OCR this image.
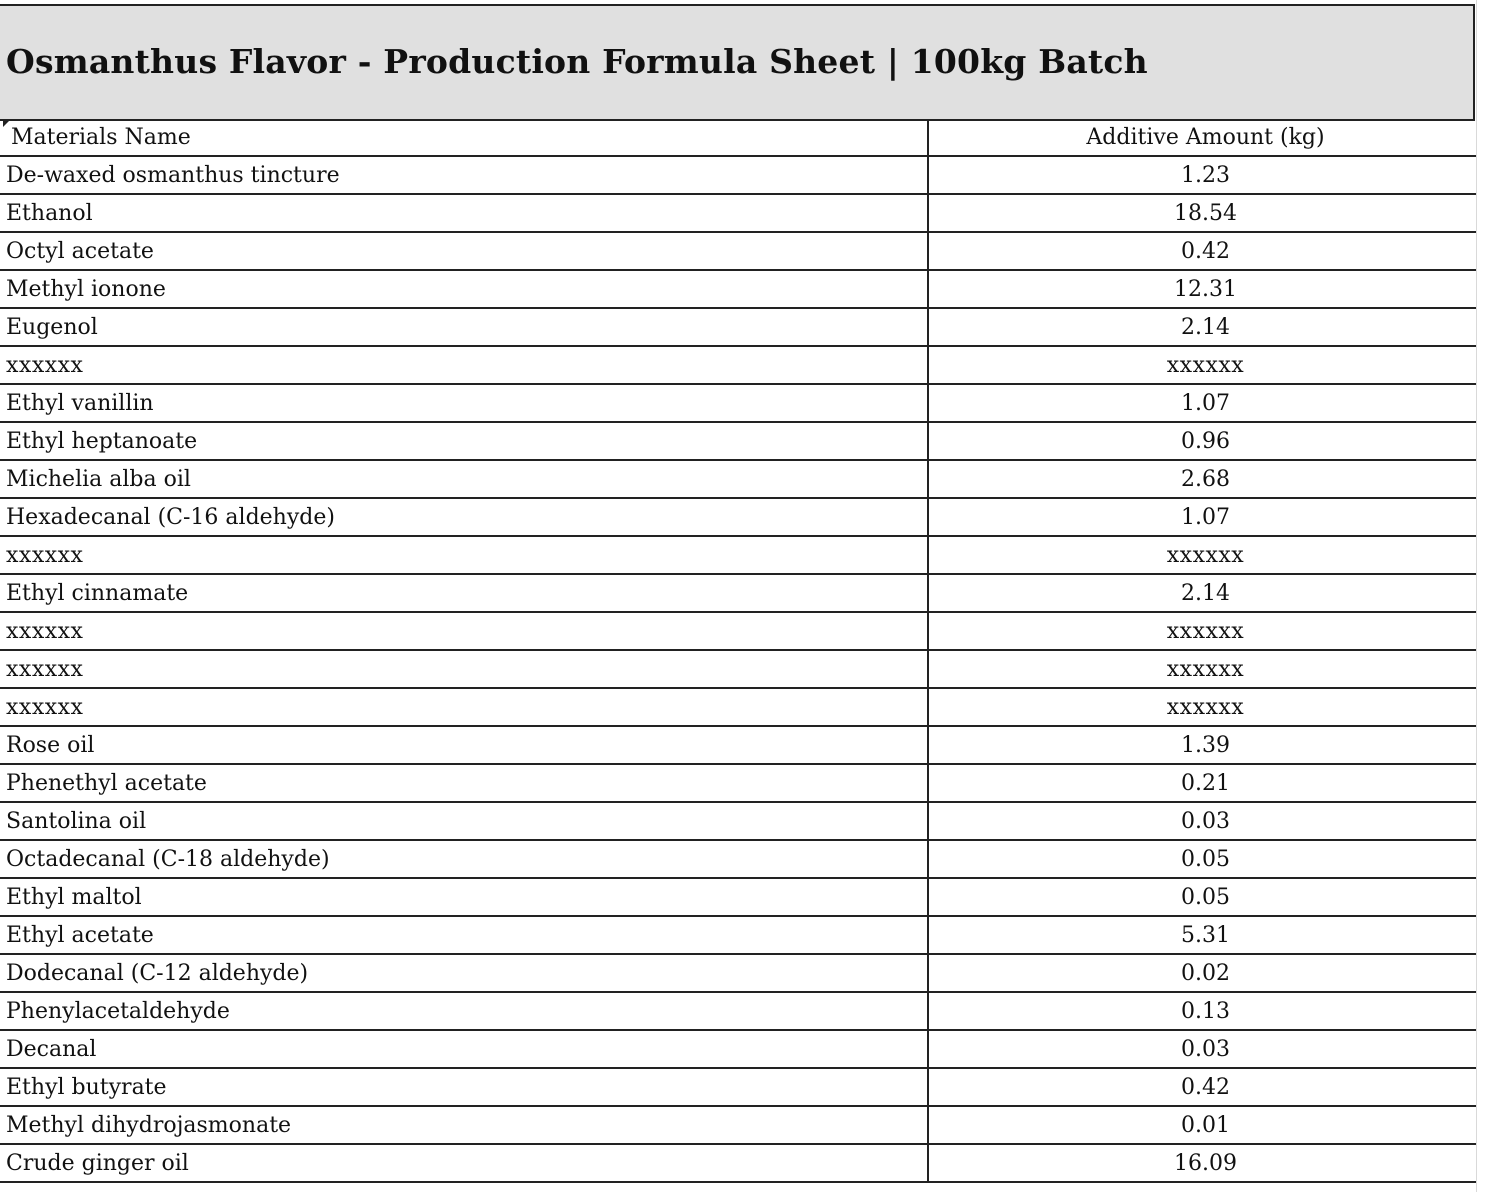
Osmanthus Flavor - Production Formula Sheet | 100kg Batch
Materials Name	Additive Amount (kg)
De-waxed osmanthus tincture	1.23
Ethanol	18.54
Octyl acetate	0.42
Methyl ionone	12.31
Eugenol	2.14
xxxxxx	xxxxxx
Ethyl vanillin	1.07
Ethyl heptanoate	0.96
Michelia alba oil	2.68
Hexadecanal (C-16 aldehyde)	1.07
xxxxxx	xxxxxx
Ethyl cinnamate	2.14
xxxxxx	xxxxxx
xxxxxx	xxxxxx
xxxxxx	xxxxxx
Rose oil	1.39
Phenethyl acetate	0.21
Santolina oil	0.03
Octadecanal (C-18 aldehyde)	0.05
Ethyl maltol	0.05
Ethyl acetate	5.31
Dodecanal (C-12 aldehyde)	0.02
Phenylacetaldehyde	0.13
Decanal	0.03
Ethyl butyrate	0.42
Methyl dihydrojasmonate	0.01
Crude ginger oil	16.09
